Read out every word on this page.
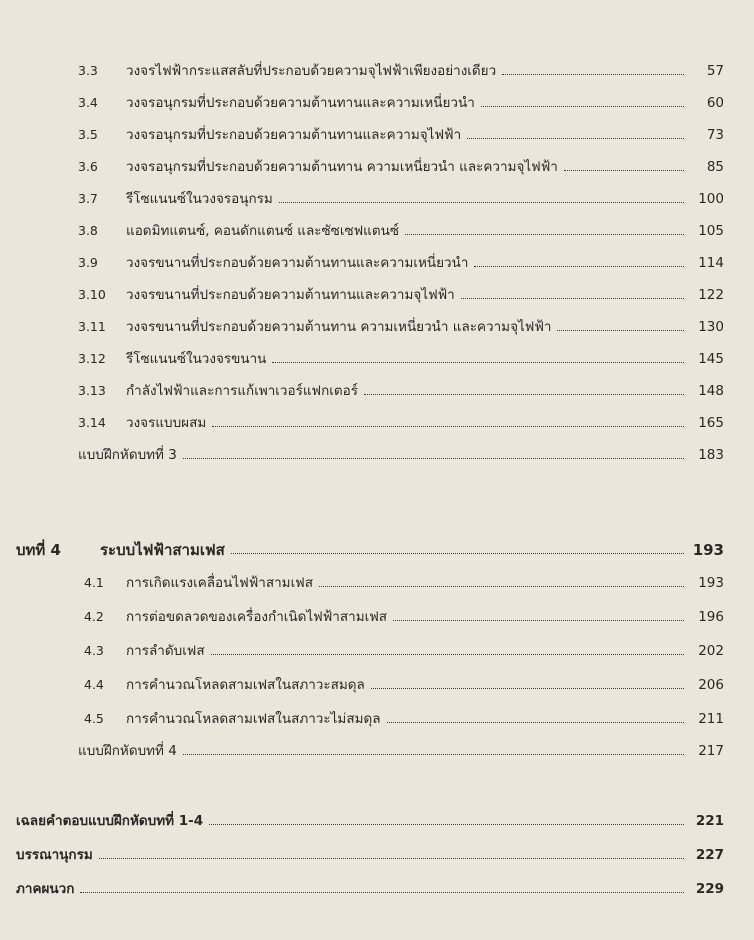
3.3	วงจรไฟฟ้ากระแสสลับที่ประกอบด้วยความจุไฟฟ้าเพียงอย่างเดียว	57
3.4	วงจรอนุกรมที่ประกอบด้วยความต้านทานและความเหนี่ยวนำ	60
3.5	วงจรอนุกรมที่ประกอบด้วยความต้านทานและความจุไฟฟ้า	73
3.6	วงจรอนุกรมที่ประกอบด้วยความต้านทาน ความเหนี่ยวนำ และความจุไฟฟ้า	85
3.7	รีโซแนนซ์ในวงจรอนุกรม	100
3.8	แอดมิทแตนซ์, คอนดักแตนซ์ และซัซเซฟแตนซ์	105
3.9	วงจรขนานที่ประกอบด้วยความต้านทานและความเหนี่ยวนำ	114
3.10	วงจรขนานที่ประกอบด้วยความต้านทานและความจุไฟฟ้า	122
3.11	วงจรขนานที่ประกอบด้วยความต้านทาน ความเหนี่ยวนำ และความจุไฟฟ้า	130
3.12	รีโซแนนซ์ในวงจรขนาน	145
3.13	กำลังไฟฟ้าและการแก้เพาเวอร์แฟกเตอร์	148
3.14	วงจรแบบผสม	165
แบบฝึกหัดบทที่ 3	183
บทที่ 4	ระบบไฟฟ้าสามเฟส	193
4.1	การเกิดแรงเคลื่อนไฟฟ้าสามเฟส	193
4.2	การต่อขดลวดของเครื่องกำเนิดไฟฟ้าสามเฟส	196
4.3	การลำดับเฟส	202
4.4	การคำนวณโหลดสามเฟสในสภาวะสมดุล	206
4.5	การคำนวณโหลดสามเฟสในสภาวะไม่สมดุล	211
แบบฝึกหัดบทที่ 4	217
เฉลยคำตอบแบบฝึกหัดบทที่ 1-4	221
บรรณานุกรม	227
ภาคผนวก	229
